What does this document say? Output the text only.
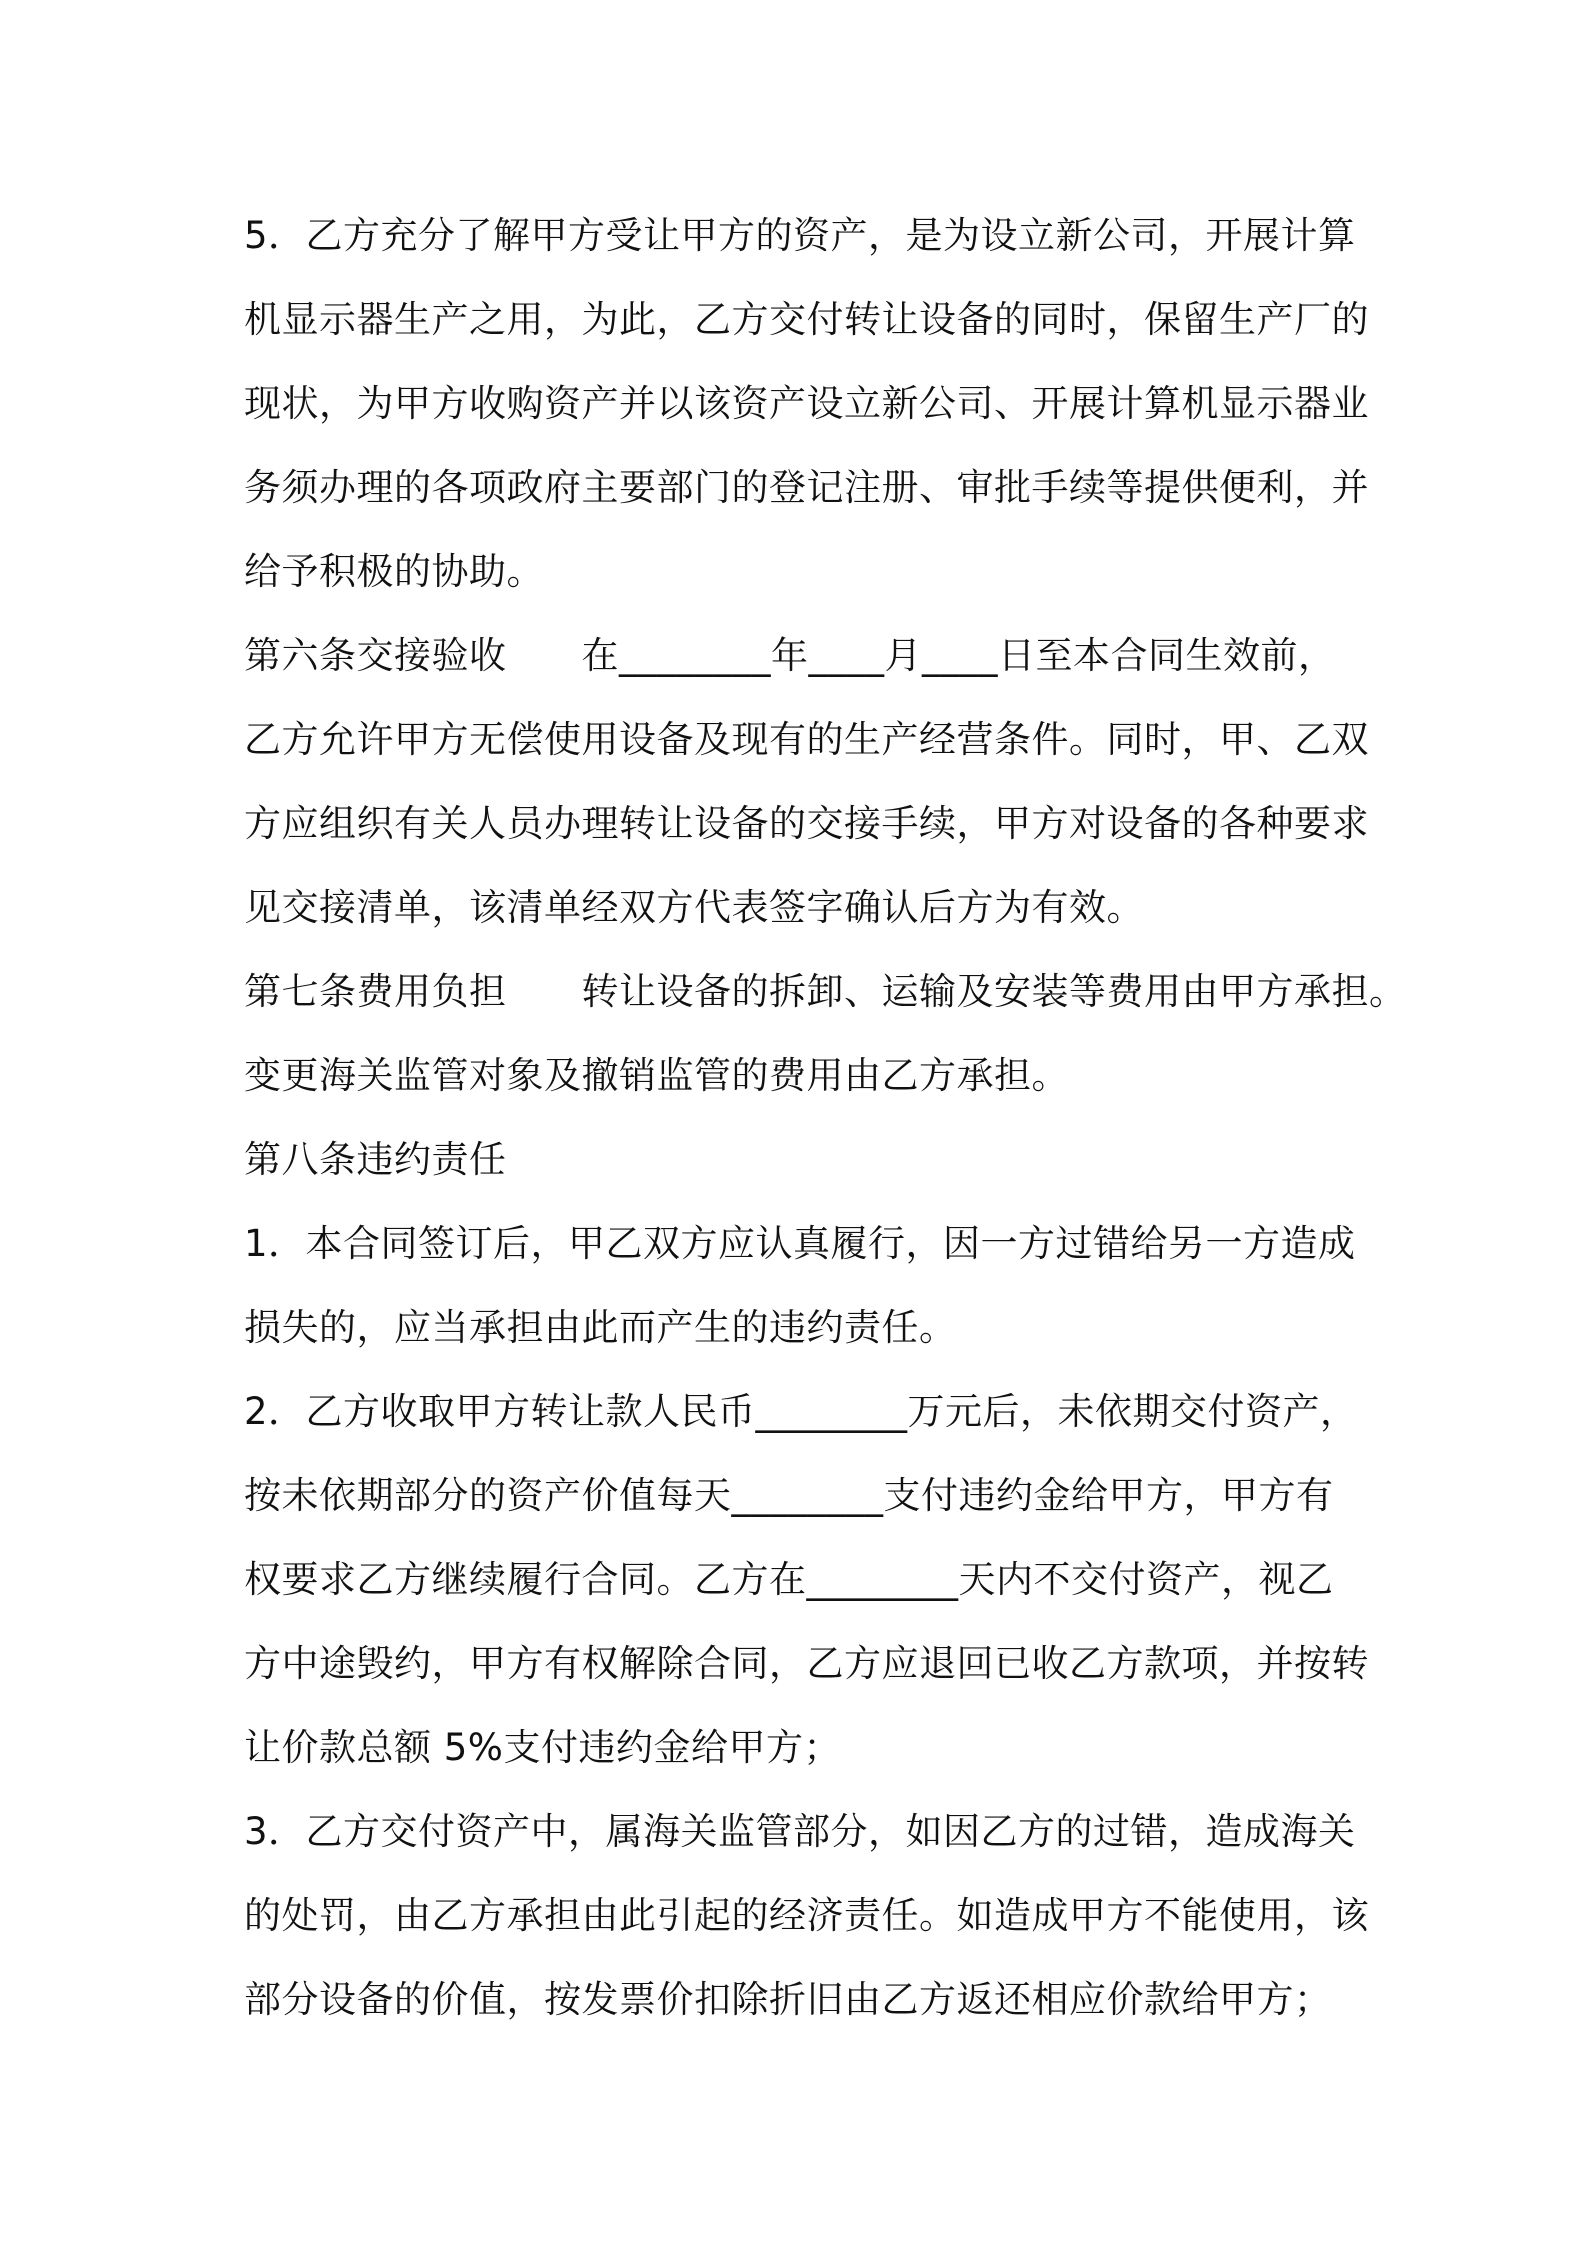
5．乙方充分了解甲方受让甲方的资产，是为设立新公司，开展计算
机显示器生产之用，为此，乙方交付转让设备的同时，保留生产厂的
现状，为甲方收购资产并以该资产设立新公司、开展计算机显示器业
务须办理的各项政府主要部门的登记注册、审批手续等提供便利，并
给予积极的协助。
第六条交接验收　　在________年____月____日至本合同生效前，
乙方允许甲方无偿使用设备及现有的生产经营条件。同时，甲、乙双
方应组织有关人员办理转让设备的交接手续，甲方对设备的各种要求
见交接清单，该清单经双方代表签字确认后方为有效。
第七条费用负担　　转让设备的拆卸、运输及安装等费用由甲方承担。
变更海关监管对象及撤销监管的费用由乙方承担。
第八条违约责任
1．本合同签订后，甲乙双方应认真履行，因一方过错给另一方造成
损失的，应当承担由此而产生的违约责任。
2．乙方收取甲方转让款人民币________万元后，未依期交付资产，
按未依期部分的资产价值每天________支付违约金给甲方，甲方有
权要求乙方继续履行合同。乙方在________天内不交付资产，视乙
方中途毁约，甲方有权解除合同，乙方应退回已收乙方款项，并按转
让价款总额 5%支付违约金给甲方；
3．乙方交付资产中，属海关监管部分，如因乙方的过错，造成海关
的处罚，由乙方承担由此引起的经济责任。如造成甲方不能使用，该
部分设备的价值，按发票价扣除折旧由乙方返还相应价款给甲方；
